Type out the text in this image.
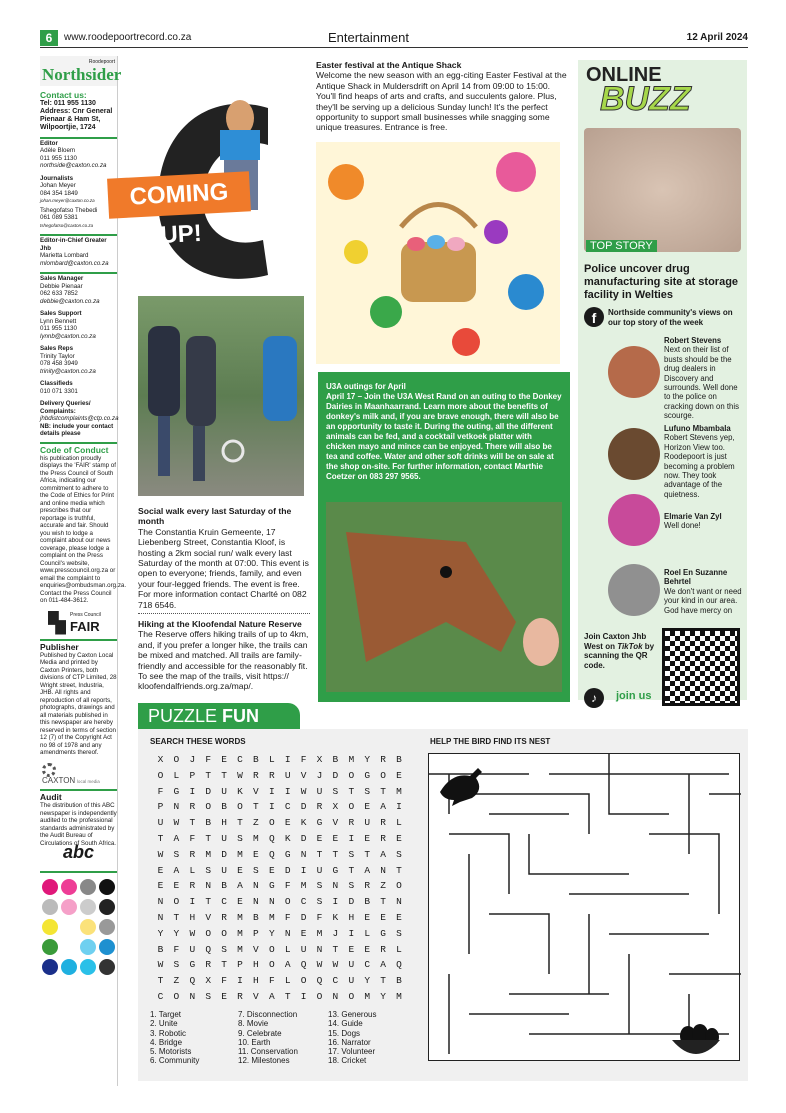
6	www.roodepoortrecord.co.za	Entertainment	12 April 2024
Roodepoort
Northsider
Contact us:
Tel: 011 955 1130
Address: Cnr General Pienaar & Ham St, Wilpoortjie, 1724
Editor
Adèle Bloem
011 955 1130
northside@caxton.co.za
Journalists
Johan Meyer
084 354 1849
johan.meyer@caxton.co.za
Tshegofatso Thebedi
061 089 5381
tshegofatso@caxton.co.za
Editor-in-Chief Greater Jhb
Marietta Lombard
mlombard@caxton.co.za
Sales Manager
Debbie Pienaar
062 633 7852
debbie@caxton.co.za
Sales Support
Lynn Bennett
011 955 1130
lynnb@caxton.co.za
Sales Reps
Trinity Taylor
078 458 3949
trinity@caxton.co.za
Classifieds
010 071 3301
Delivery Queries/ Complaints:
jhbdistcomplaints@ctp.co.za
NB: include your contact details please
Code of Conduct
his publication proudly displays the 'FAIR' stamp of the Press Council of South Africa, indicating our commitment to adhere to the Code of Ethics for Print and online media which prescribes that our reportage is truthful, accurate and fair. Should you wish to lodge a complaint about our news coverage, please lodge a complaint on the Press Council's website, www.presscouncil.org.za or email the complaint to enquiries@ombudsman.org.za. Contact the Press Council on 011-484-3612.
Press Council
FAIR
Publisher
Published by Caxton Local Media and printed by Caxton Printers, both divisions of CTP Limited, 28 Wright street, Industria, JHB. All rights and reproduction of all reports, photographs, drawings and all materials published in this newspaper are hereby reserved in terms of section 12 (7) of the Copyright Act no 98 of 1978 and any amendments thereof.
CAXTON local media
Audit
The distribution of this ABC newspaper is independently audited to the professional standards administrated by the Audit Bureau of Circulations of South Africa.
abc
COMING UP!
Easter festival at the Antique Shack
Welcome the new season with an egg-citing Easter Festival at the Antique Shack in Muldersdrift on April 14 from 09:00 to 15:00. You'll find heaps of arts and crafts, and succulents galore. Plus, they'll be serving up a delicious Sunday lunch! It's the perfect opportunity to support small businesses while snagging some unique treasures. Entrance is free.
U3A outings for April
April 17 – Join the U3A West Rand on an outing to the Donkey Dairies in Maanhaarrand. Learn more about the benefits of donkey's milk and, if you are brave enough, there will also be an opportunity to taste it. During the outing, all the different animals can be fed, and a cocktail vetkoek platter with chicken mayo and mince can be enjoyed. There will also be tea and coffee. Water and other soft drinks will be on sale at the shop on-site. For further information, contact Marthie Coetzer on 083 297 9565.
Social walk every last Saturday of the month
The Constantia Kruin Gemeente, 17 Liebenberg Street, Constantia Kloof, is hosting a 2km social run/ walk every last Saturday of the month at 07:00. This event is open to everyone; friends, family, and even your four-legged friends. The event is free. For more information contact Charlté on 082 718 6546.
Hiking at the Kloofendal Nature Reserve
The Reserve offers hiking trails of up to 4km, and, if you prefer a longer hike, the trails can be mixed and matched. All trails are family-friendly and accessible for the reasonably fit. To see the map of the trails, visit https:// kloofendalfriends.org.za/map/.
ONLINE
BUZZ
TOP STORY
Police uncover drug manufacturing site at storage facility in Welties
f	Northside community's views on our top story of the week
Robert Stevens
Next on their list of busts should be the drug dealers in Discovery and surrounds. Well done to the police on cracking down on this scourge.
Lufuno Mbambala
Robert Stevens yep, Horizon View too. Roodepoort is just becoming a problem now. They took advantage of the quietness.
Elmarie Van Zyl
Well done!
Roel En Suzanne Behrtel
We don't want or need your kind in our area. God have mercy on
Join Caxton Jhb West on TikTok by scanning the QR code.
♪	join us
PUZZLE FUN
SEARCH THESE WORDS	HELP THE BIRD FIND ITS NEST
X	O	J	F	E	C	B	L	I	F	X	B	M	Y	R	B
O	L	P	T	T	W	R	R	U	V	J	D	O	G	O	E
F	G	I	D	U	K	V	I	I	W	U	S	T	S	T	M
P	N	R	O	B	O	T	I	C	D	R	X	O	E	A	I
U	W	T	B	H	T	Z	O	E	K	G	V	R	U	R	L
T	A	F	T	U	S	M	Q	K	D	E	E	I	E	R	E
W	S	R	M	D	M	E	Q	G	N	T	T	S	T	A	S
E	A	L	S	U	E	S	E	D	I	U	G	T	A	N	T
E	E	R	N	B	A	N	G	F	M	S	N	S	R	Z	O
N	O	I	T	C	E	N	N	O	C	S	I	D	B	T	N
N	T	H	V	R	M	B	M	F	D	F	K	H	E	E	E
Y	Y	W	O	O	M	P	Y	N	E	M	J	I	L	G	S
B	F	U	Q	S	M	V	O	L	U	N	T	E	E	R	L
W	S	G	R	T	P	H	O	A	Q	W	W	U	C	A	Q
T	Z	Q	X	F	I	H	F	L	O	Q	C	U	Y	T	B
C	O	N	S	E	R	V	A	T	I	O	N	O	M	Y	M
1. Target
2. Unite
3. Robotic
4. Bridge
5. Motorists
6. Community
7. Disconnection
8. Movie
9. Celebrate
10. Earth
11. Conservation
12. Milestones
13. Generous
14. Guide
15. Dogs
16. Narrator
17. Volunteer
18. Cricket
